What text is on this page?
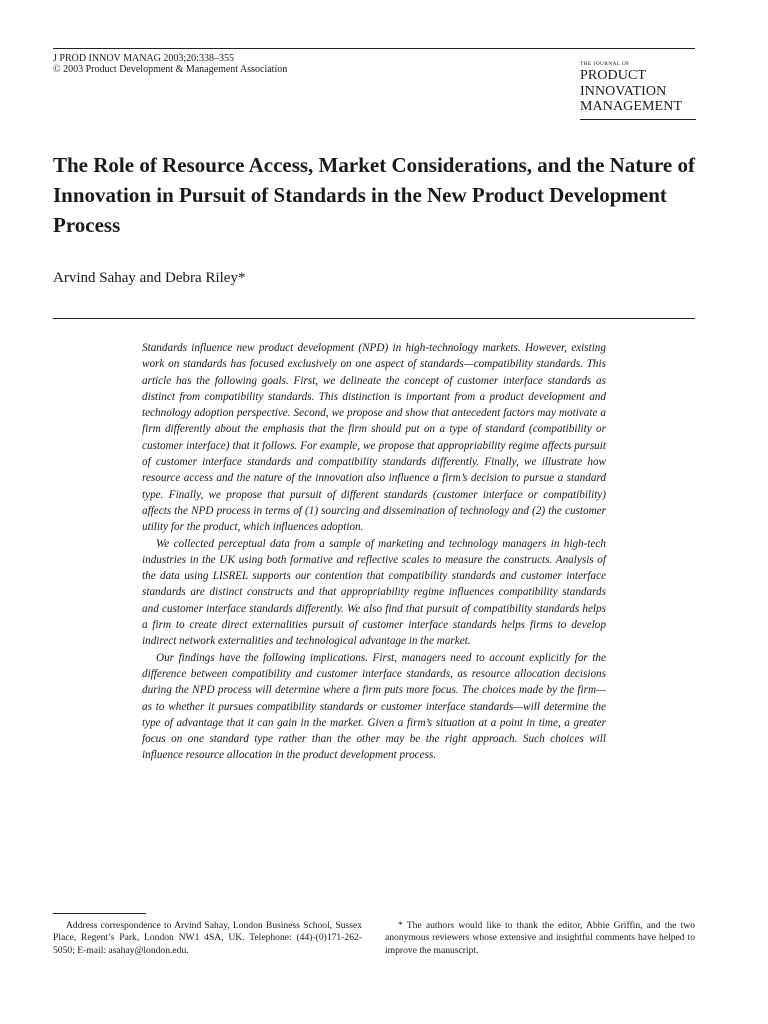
J PROD INNOV MANAG 2003;20:338–355
© 2003 Product Development & Management Association	THE JOURNAL OF
PRODUCT
INNOVATION
MANAGEMENT
The Role of Resource Access, Market Considerations, and the Nature of Innovation in Pursuit of Standards in the New Product Development Process
Arvind Sahay and Debra Riley*

Standards influence new product development (NPD) in high-technology markets. However, existing work on standards has focused exclusively on one aspect of standards—compatibility standards. This article has the following goals. First, we delineate the concept of customer interface standards as distinct from compatibility standards. This distinction is important from a product development and technology adoption perspective. Second, we propose and show that antecedent factors may motivate a firm differently about the emphasis that the firm should put on a type of standard (compatibility or customer interface) that it follows. For example, we propose that appropriability regime affects pursuit of customer interface standards and compatibility standards differently. Finally, we illustrate how resource access and the nature of the innovation also influence a firm’s decision to pursue a standard type. Finally, we propose that pursuit of different standards (customer interface or compatibility) affects the NPD process in terms of (1) sourcing and dissemination of technology and (2) the customer utility for the product, which influences adoption.

We collected perceptual data from a sample of marketing and technology managers in high-tech industries in the UK using both formative and reflective scales to measure the constructs. Analysis of the data using LISREL supports our contention that compatibility standards and customer interface standards are distinct constructs and that appropriability regime influences compatibility standards and customer interface standards differently. We also find that pursuit of compatibility standards helps a firm to create direct externalities pursuit of customer interface standards helps firms to develop indirect network externalities and technological advantage in the market.

Our findings have the following implications. First, managers need to account explicitly for the difference between compatibility and customer interface standards, as resource allocation decisions during the NPD process will determine where a firm puts more focus. The choices made by the firm—as to whether it pursues compatibility standards or customer interface standards—will determine the type of advantage that it can gain in the market. Given a firm’s situation at a point in time, a greater focus on one standard type rather than the other may be the right approach. Such choices will influence resource allocation in the product development process.

Address correspondence to Arvind Sahay, London Business School, Sussex Place, Regent’s Park, London NW1 4SA, UK. Telephone: (44)-(0)171-262-5050; E-mail: asahay@london.edu.
* The authors would like to thank the editor, Abbie Griffin, and the two anonymous reviewers whose extensive and insightful comments have helped to improve the manuscript.
